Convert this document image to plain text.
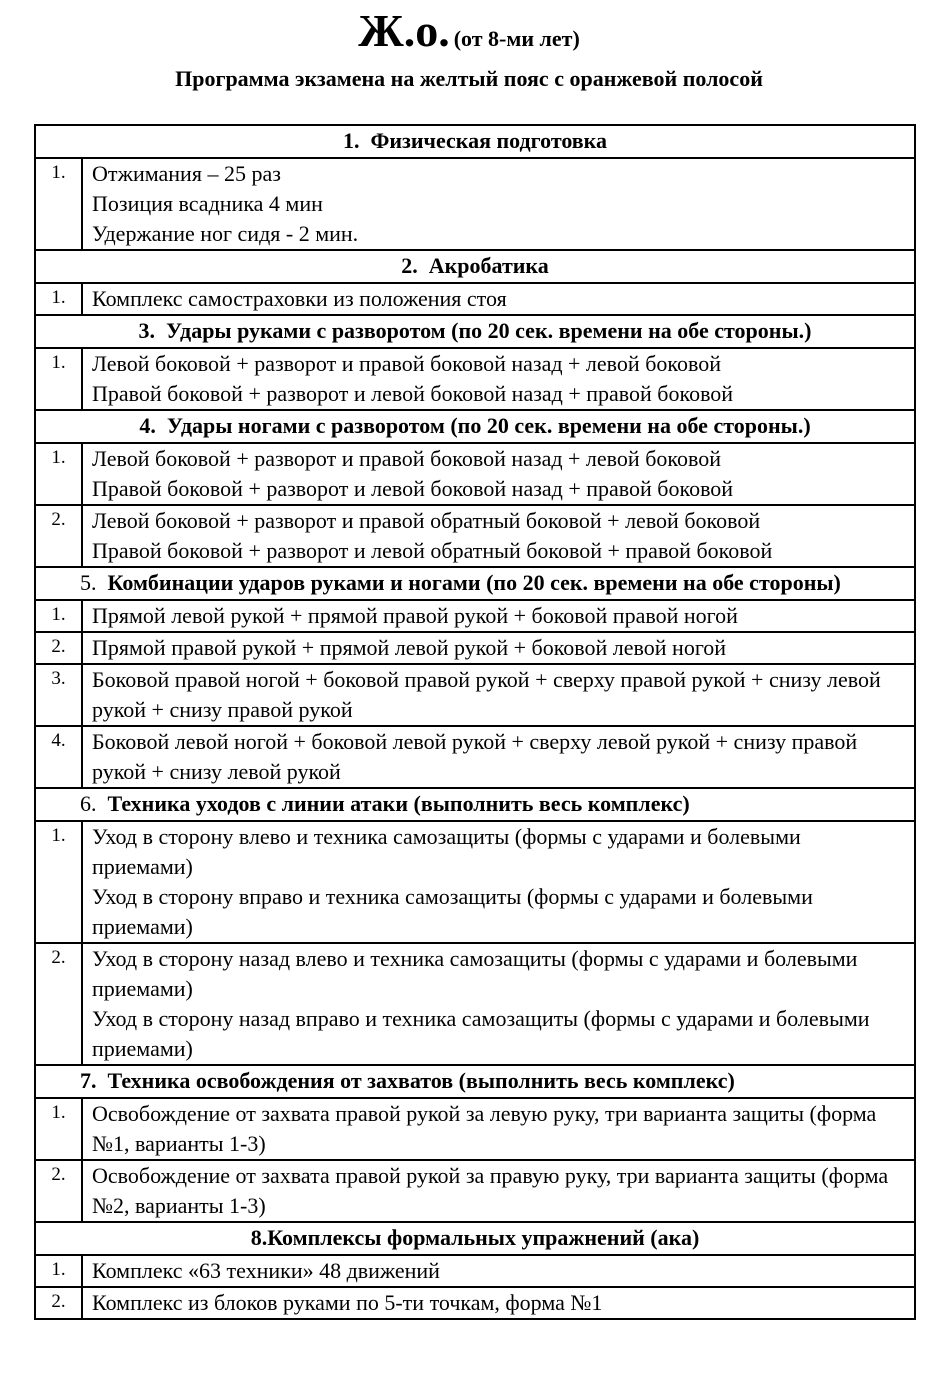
Ж.о. (от 8-ми лет)
Программа экзамена на желтый пояс с оранжевой полосой
1. Физическая подготовка	
1.	Отжимания – 25 раз
Позиция всадника 4 мин
Удержание ног сидя - 2 мин.

2. Акробатика	
1.	Комплекс самостраховки из положения стоя

3. Удары руками с разворотом (по 20 сек. времени на обе стороны.)	
1.	Левой боковой + разворот и правой боковой назад + левой боковой
Правой боковой + разворот и левой боковой назад + правой боковой

4. Удары ногами с разворотом (по 20 сек. времени на обе стороны.)	
1.	Левой боковой + разворот и правой боковой назад + левой боковой
Правой боковой + разворот и левой боковой назад + правой боковой

2.	Левой боковой + разворот и правой обратный боковой + левой боковой
Правой боковой + разворот и левой обратный боковой + правой боковой

5. Комбинации ударов руками и ногами (по 20 сек. времени на обе стороны)	
1.	Прямой левой рукой + прямой правой рукой + боковой правой ногой

2.	Прямой правой рукой + прямой левой рукой + боковой левой ногой

3.	Боковой правой ногой + боковой правой рукой + сверху правой рукой + снизу левой рукой + снизу правой рукой

4.	Боковой левой ногой + боковой левой рукой + сверху левой рукой + снизу правой рукой + снизу левой рукой

6. Техника уходов с линии атаки (выполнить весь комплекс)	
1.	Уход в сторону влево и техника самозащиты (формы с ударами и болевыми приемами)
Уход в сторону вправо и техника самозащиты (формы с ударами и болевыми приемами)

2.	Уход в сторону назад влево и техника самозащиты (формы с ударами и болевыми приемами)
Уход в сторону назад вправо и техника самозащиты (формы с ударами и болевыми приемами)

7. Техника освобождения от захватов (выполнить весь комплекс)	
1.	Освобождение от захвата правой рукой за левую руку, три варианта защиты (форма №1, варианты 1-3)

2.	Освобождение от захвата правой рукой за правую руку, три варианта защиты (форма №2, варианты 1-3)

8.Комплексы формальных упражнений (ака)	
1.	Комплекс «63 техники» 48 движений

2.	Комплекс из блоков руками по 5-ти точкам, форма №1
